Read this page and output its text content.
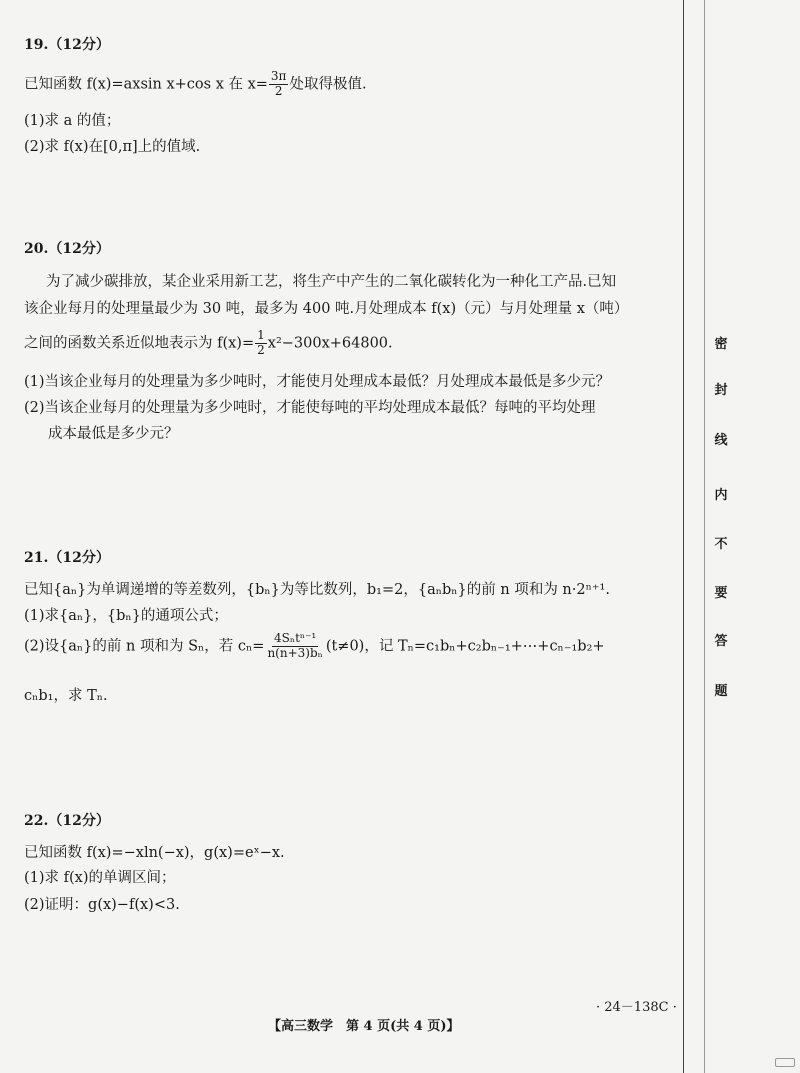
19.（12分）
已知函数 f(x)=axsin x+cos x 在 $x= \frac{3\pi}{2}$ 处取得极值.
(1)求 a 的值；
(2)求 f(x)在[0,π]上的值域.
20.（12分）
为了减少碳排放，某企业采用新工艺，将生产中产生的二氧化碳转化为一种化工产品.已知
该企业每月的处理量最少为 30 吨，最多为 400 吨.月处理成本 f(x)（元）与月处理量 x（吨）
之间的函数关系近似地表示为 $f(x)= \frac{1}{2} x^2-300x+64800$.
(1)当该企业每月的处理量为多少吨时，才能使月处理成本最低？月处理成本最低是多少元？
(2)当该企业每月的处理量为多少吨时，才能使每吨的平均处理成本最低？每吨的平均处理
成本最低是多少元？
21.（12分）
已知{aₙ}为单调递增的等差数列，{bₙ}为等比数列，b₁=2，{aₙbₙ}的前 n 项和为 n·2ⁿ⁺¹.
(1)求{aₙ}，{bₙ}的通项公式；
(2)设{aₙ}的前 n 项和为 Sₙ，若 $c_n= \frac{\text{4Sₙtⁿ⁻¹}}{\text{n(n+3)bₙ}} (t\ne 0)$，记 Tₙ=c₁bₙ+c₂bₙ₋₁+⋯+cₙ₋₁b₂+
cₙb₁，求 Tₙ.
22.（12分）
已知函数 f(x)=−xln(−x)，g(x)=eˣ−x.
(1)求 f(x)的单调区间；
(2)证明：g(x)−f(x)<3.
密
封
线
内
不
要
答
题
· 24－138C ·
【高三数学　第 4 页(共 4 页)】
